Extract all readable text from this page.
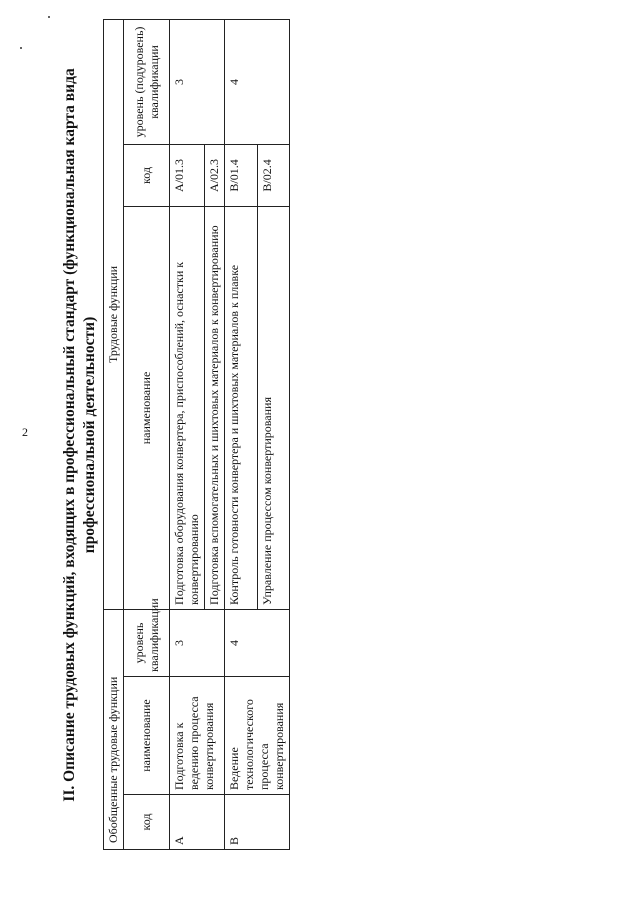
2 II. Описание трудовых функций, входящих в профессиональный стандарт (функциональная карта вида профессиональной деятельности)
Обобщенные трудовые функции			Трудовые функции		
код	наименование	уровень квалификации	наименование	код	уровень (подуровень) квалификации
А	Подготовка к ведению процесса конвертирования	3	Подготовка оборудования конвертера, приспособлений, оснастки к конвертированию	А/01.3	3
			Подготовка вспомогательных и шихтовых материалов к конвертированию	А/02.3	
В	Ведение технологического процесса конвертирования	4	Контроль готовности конвертера и шихтовых материалов к плавке	В/01.4	4
			Управление процессом конвертирования	В/02.4	
